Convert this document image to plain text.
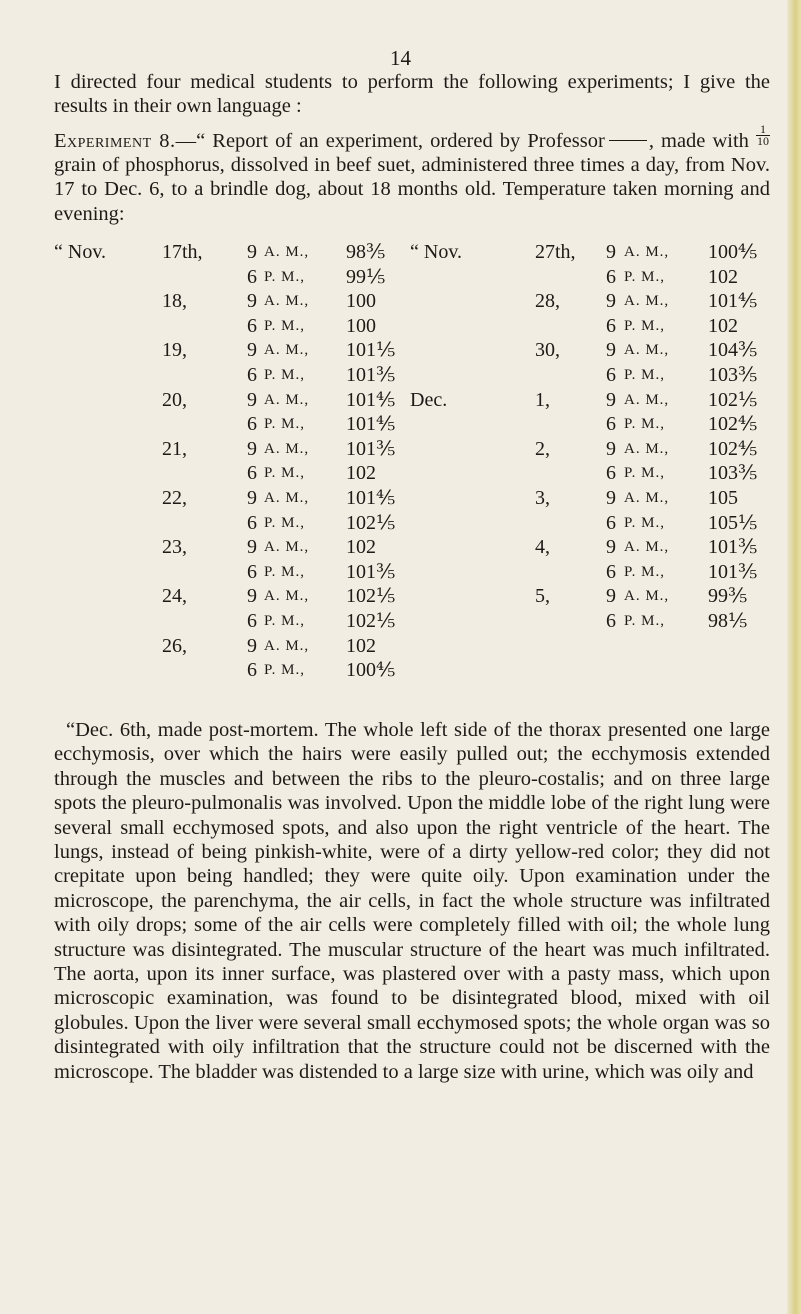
14
I directed four medical students to perform the following experiments; I give the results in their own language :
Experiment 8.—“ Report of an experiment, ordered by Professor , made with $\frac{1}{10}$
grain of phosphorus, dissolved in beef suet, administered three times a day, from Nov. 17 to Dec. 6, to a brindle dog, about 18 months old. Temperature taken morning and evening:
“ Nov.	17th, 9 A. M., 98⅗
6 P. M., 99⅕
18,	9 A. M., 100
6 P. M., 100
19,	9 A. M., 101⅕
6 P. M., 101⅗
20,	9 A. M., 101⅘
6 P. M., 101⅘
21,	9 A. M., 101⅗
6 P. M., 102
22,	9 A. M., 101⅘
6 P. M., 102⅕
23,	9 A. M., 102
6 P. M., 101⅗
24,	9 A. M., 102⅕
6 P. M., 102⅕
26,	9 A. M., 102
6 P. M., 100⅘
“ Nov.	27th, 9 A. M., 100⅘
6 P. M., 102
28, 9 A. M., 101⅘
6 P. M., 102
30, 9 A. M., 104⅗
6 P. M., 103⅗
Dec.	1,	9 A. M., 102⅕
6 P. M., 102⅘
2,	9 A. M., 102⅘
6 P. M., 103⅗
3,	9 A. M., 105
6 P. M., 105⅕
4,	9 A. M., 101⅗
6 P. M., 101⅗
5,	9 A. M., 99⅗
6 P. M., 98⅕
“Dec. 6th, made post-mortem. The whole left side of the thorax presented one large ecchymosis, over which the hairs were easily pulled out; the ecchymosis extended through the muscles and between the ribs to the pleuro-costalis; and on three large spots the pleuro-pulmonalis was involved. Upon the middle lobe of the right lung were several small ecchymosed spots, and also upon the right ventricle of the heart. The lungs, instead of being pinkish-white, were of a dirty yellow-red color; they did not crepitate upon being handled; they were quite oily. Upon examination under the microscope, the parenchyma, the air cells, in fact the whole structure was infiltrated with oily drops; some of the air cells were completely filled with oil; the whole lung structure was disintegrated. The muscular structure of the heart was much infiltrated. The aorta, upon its inner surface, was plastered over with a pasty mass, which upon microscopic examination, was found to be disintegrated blood, mixed with oil globules. Upon the liver were several small ecchymosed spots; the whole organ was so disintegrated with oily infiltration that the structure could not be discerned with the microscope. The bladder was distended to a large size with urine, which was oily and
